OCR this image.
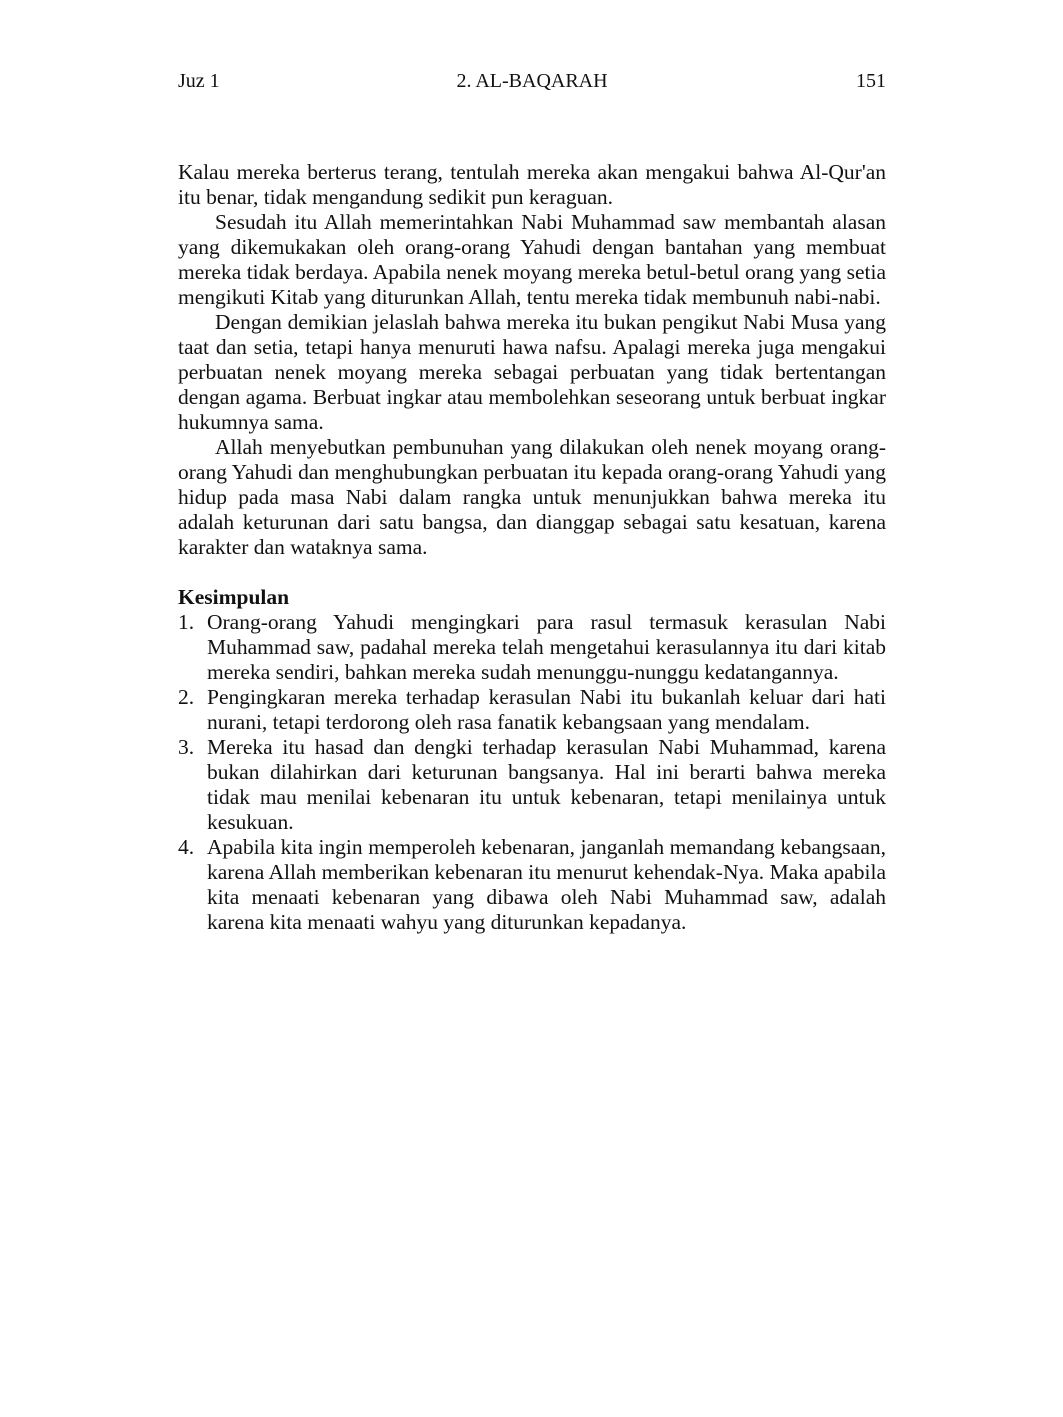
Juz 1	2. AL-BAQARAH	151

Kalau mereka berterus terang, tentulah mereka akan mengakui bahwa Al-Qur'an itu benar, tidak mengandung sedikit pun keraguan.

Sesudah itu Allah memerintahkan Nabi Muhammad saw membantah alasan yang dikemukakan oleh orang-orang Yahudi dengan bantahan yang membuat mereka tidak berdaya. Apabila nenek moyang mereka betul-betul orang yang setia mengikuti Kitab yang diturunkan Allah, tentu mereka tidak membunuh nabi-nabi.

Dengan demikian jelaslah bahwa mereka itu bukan pengikut Nabi Musa yang taat dan setia, tetapi hanya menuruti hawa nafsu. Apalagi mereka juga mengakui perbuatan nenek moyang mereka sebagai perbuatan yang tidak bertentangan dengan agama. Berbuat ingkar atau membolehkan seseorang untuk berbuat ingkar hukumnya sama.

Allah menyebutkan pembunuhan yang dilakukan oleh nenek moyang orang-orang Yahudi dan menghubungkan perbuatan itu kepada orang-orang Yahudi yang hidup pada masa Nabi dalam rangka untuk menunjukkan bahwa mereka itu adalah keturunan dari satu bangsa, dan dianggap sebagai satu kesatuan, karena karakter dan wataknya sama.

Kesimpulan
1. Orang-orang Yahudi mengingkari para rasul termasuk kerasulan Nabi Muhammad saw, padahal mereka telah mengetahui kerasulannya itu dari kitab mereka sendiri, bahkan mereka sudah menunggu-nunggu kedatangannya.
2. Pengingkaran mereka terhadap kerasulan Nabi itu bukanlah keluar dari hati nurani, tetapi terdorong oleh rasa fanatik kebangsaan yang mendalam.
3. Mereka itu hasad dan dengki terhadap kerasulan Nabi Muhammad, karena bukan dilahirkan dari keturunan bangsanya. Hal ini berarti bahwa mereka tidak mau menilai kebenaran itu untuk kebenaran, tetapi menilainya untuk kesukuan.
4. Apabila kita ingin memperoleh kebenaran, janganlah memandang kebangsaan, karena Allah memberikan kebenaran itu menurut kehendak-Nya. Maka apabila kita menaati kebenaran yang dibawa oleh Nabi Muhammad saw, adalah karena kita menaati wahyu yang diturunkan kepadanya.
